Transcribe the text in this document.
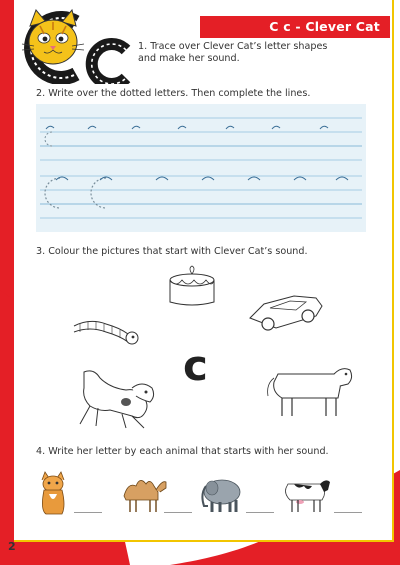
C c - Clever Cat
1. Trace over Clever Cat’s letter shapes
and make her sound.
2. Write over the dotted letters. Then complete the lines.
3. Colour the pictures that start with Clever Cat’s sound.
c
4. Write her letter by each animal that starts with her sound.
2
